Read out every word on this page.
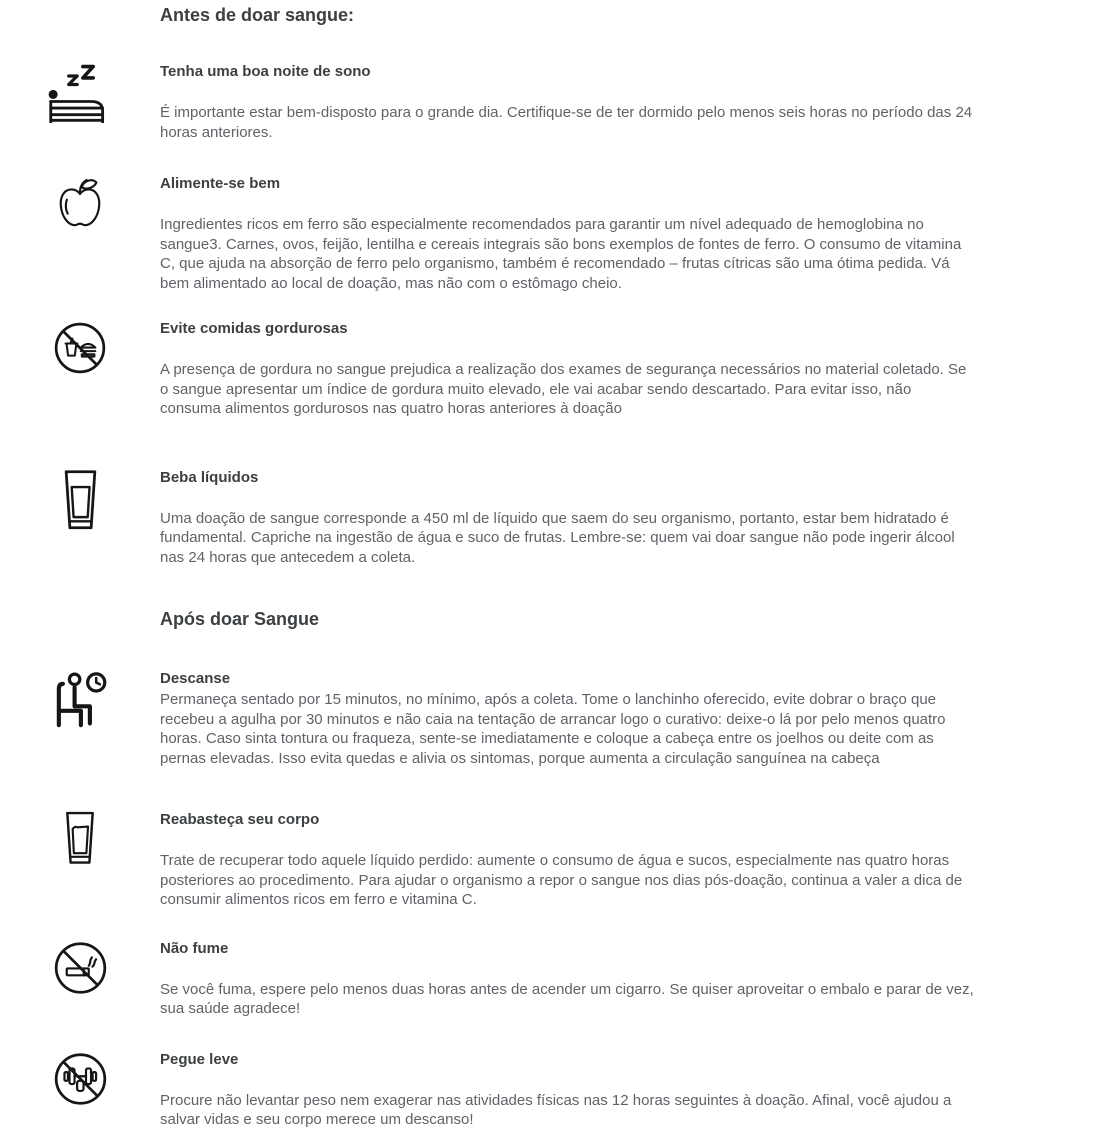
Antes de doar sangue:
Tenha uma boa noite de sono

É importante estar bem-disposto para o grande dia. Certifique-se de ter dormido pelo menos seis horas no período das 24 horas anteriores.

Alimente-se bem

Ingredientes ricos em ferro são especialmente recomendados para garantir um nível adequado de hemoglobina no sangue3. Carnes, ovos, feijão, lentilha e cereais integrais são bons exemplos de fontes de ferro. O consumo de vitamina C, que ajuda na absorção de ferro pelo organismo, também é recomendado – frutas cítricas são uma ótima pedida. Vá bem alimentado ao local de doação, mas não com o estômago cheio.

Evite comidas gordurosas

A presença de gordura no sangue prejudica a realização dos exames de segurança necessários no material coletado. Se o sangue apresentar um índice de gordura muito elevado, ele vai acabar sendo descartado. Para evitar isso, não consuma alimentos gordurosos nas quatro horas anteriores à doação

Beba líquidos

Uma doação de sangue corresponde a 450 ml de líquido que saem do seu organismo, portanto, estar bem hidratado é fundamental. Capriche na ingestão de água e suco de frutas. Lembre-se: quem vai doar sangue não pode ingerir álcool nas 24 horas que antecedem a coleta.

Após doar Sangue
Descanse

Permaneça sentado por 15 minutos, no mínimo, após a coleta. Tome o lanchinho oferecido, evite dobrar o braço que recebeu a agulha por 30 minutos e não caia na tentação de arrancar logo o curativo: deixe-o lá por pelo menos quatro horas. Caso sinta tontura ou fraqueza, sente-se imediatamente e coloque a cabeça entre os joelhos ou deite com as pernas elevadas. Isso evita quedas e alivia os sintomas, porque aumenta a circulação sanguínea na cabeça

Reabasteça seu corpo

Trate de recuperar todo aquele líquido perdido: aumente o consumo de água e sucos, especialmente nas quatro horas posteriores ao procedimento. Para ajudar o organismo a repor o sangue nos dias pós-doação, continua a valer a dica de consumir alimentos ricos em ferro e vitamina C.

Não fume

Se você fuma, espere pelo menos duas horas antes de acender um cigarro. Se quiser aproveitar o embalo e parar de vez, sua saúde agradece!

Pegue leve

Procure não levantar peso nem exagerar nas atividades físicas nas 12 horas seguintes à doação. Afinal, você ajudou a salvar vidas e seu corpo merece um descanso!
